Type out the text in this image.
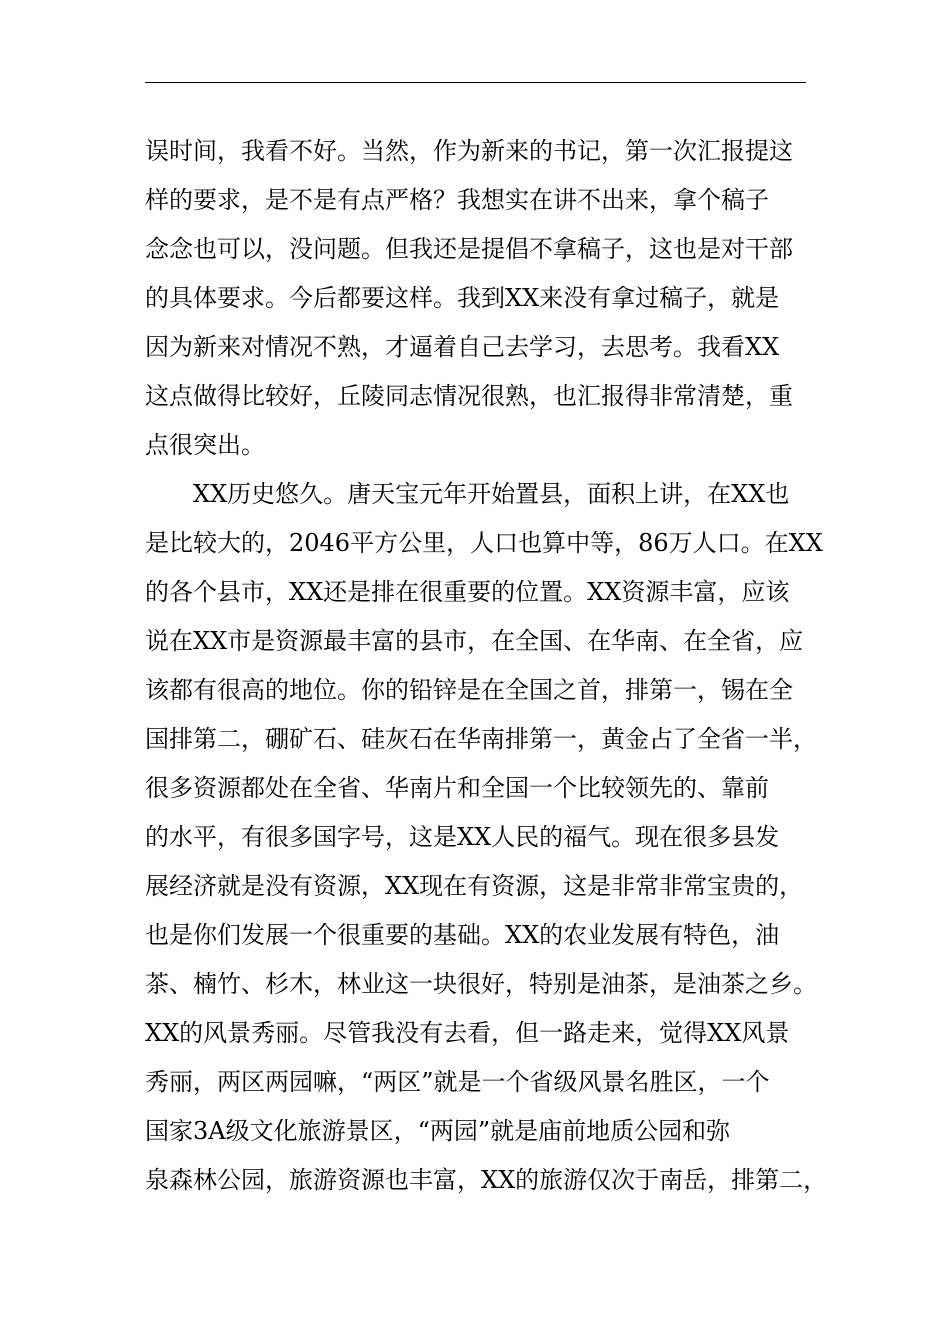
误时间，我看不好。当然，作为新来的书记，第一次汇报提这
样的要求，是不是有点严格？我想实在讲不出来，拿个稿子
念念也可以，没问题。但我还是提倡不拿稿子，这也是对干部
的具体要求。今后都要这样。我到XX来没有拿过稿子，就是
因为新来对情况不熟，才逼着自己去学习，去思考。我看XX
这点做得比较好，丘陵同志情况很熟，也汇报得非常清楚，重
点很突出。
XX历史悠久。唐天宝元年开始置县，面积上讲，在XX也
是比较大的，2046平方公里，人口也算中等，86万人口。在XX
的各个县市，XX还是排在很重要的位置。XX资源丰富，应该
说在XX市是资源最丰富的县市，在全国、在华南、在全省，应
该都有很高的地位。你的铅锌是在全国之首，排第一，锡在全
国排第二，硼矿石、硅灰石在华南排第一，黄金占了全省一半，
很多资源都处在全省、华南片和全国一个比较领先的、靠前
的水平，有很多国字号，这是XX人民的福气。现在很多县发
展经济就是没有资源，XX现在有资源，这是非常非常宝贵的，
也是你们发展一个很重要的基础。XX的农业发展有特色，油
茶、楠竹、杉木，林业这一块很好，特别是油茶，是油茶之乡。
XX的风景秀丽。尽管我没有去看，但一路走来，觉得XX风景
秀丽，两区两园嘛，“两区”就是一个省级风景名胜区，一个
国家3A级文化旅游景区，“两园”就是庙前地质公园和弥
泉森林公园，旅游资源也丰富，XX的旅游仅次于南岳，排第二，
